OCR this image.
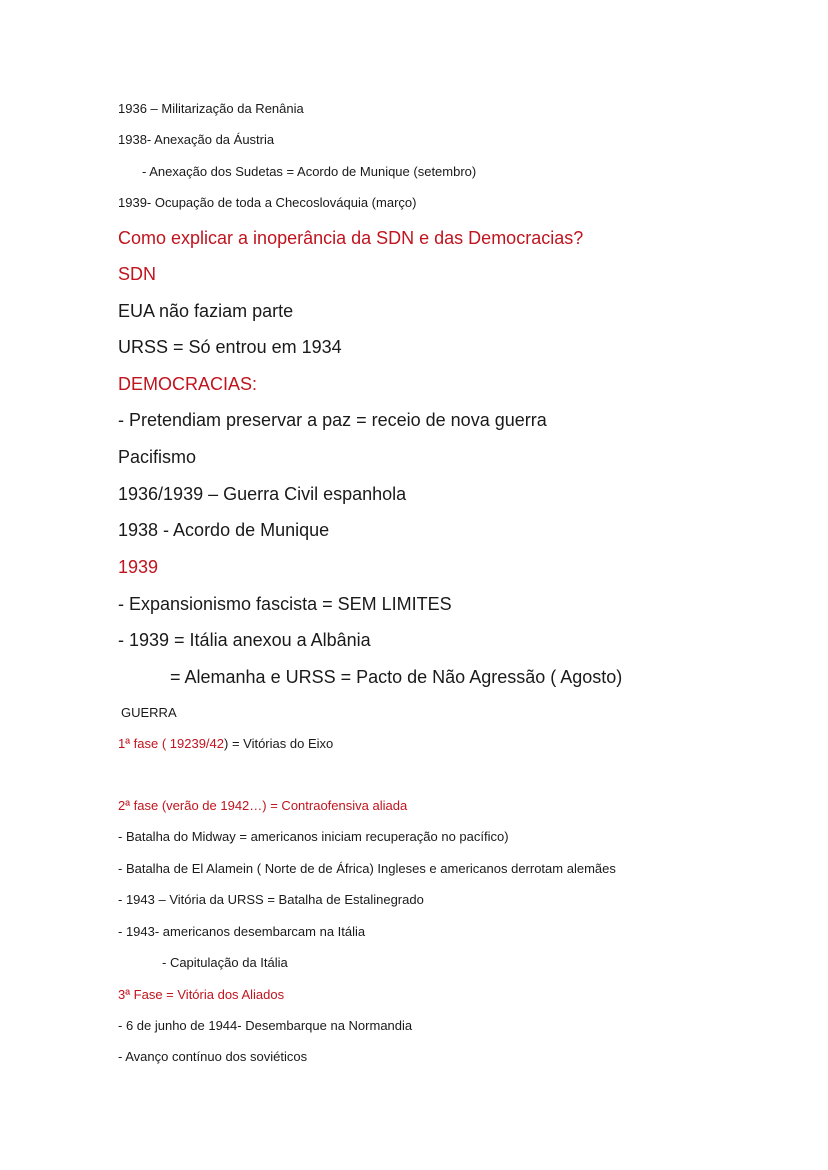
1936 – Militarização da Renânia
1938- Anexação da Áustria
- Anexação dos Sudetas = Acordo de Munique (setembro)
1939- Ocupação de toda a Checoslováquia (março)
Como explicar a inoperância da SDN e das Democracias?
SDN
EUA não faziam parte
URSS = Só entrou em 1934
DEMOCRACIAS:
- Pretendiam preservar a paz = receio de nova guerra
Pacifismo
1936/1939 – Guerra Civil espanhola
1938 - Acordo de Munique
1939
- Expansionismo fascista = SEM LIMITES
- 1939 = Itália anexou a Albânia
= Alemanha e URSS = Pacto de Não Agressão ( Agosto)
GUERRA
1ª fase ( 19239/42) = Vitórias do Eixo
2ª fase (verão de 1942…) = Contraofensiva aliada
- Batalha do Midway = americanos iniciam recuperação no pacífico)
- Batalha de El Alamein ( Norte de de África) Ingleses e americanos derrotam alemães
- 1943 – Vitória da URSS = Batalha de Estalinegrado
- 1943- americanos desembarcam na Itália
- Capitulação da Itália
3ª Fase = Vitória dos Aliados
- 6 de junho de 1944- Desembarque na Normandia
- Avanço contínuo dos soviéticos
